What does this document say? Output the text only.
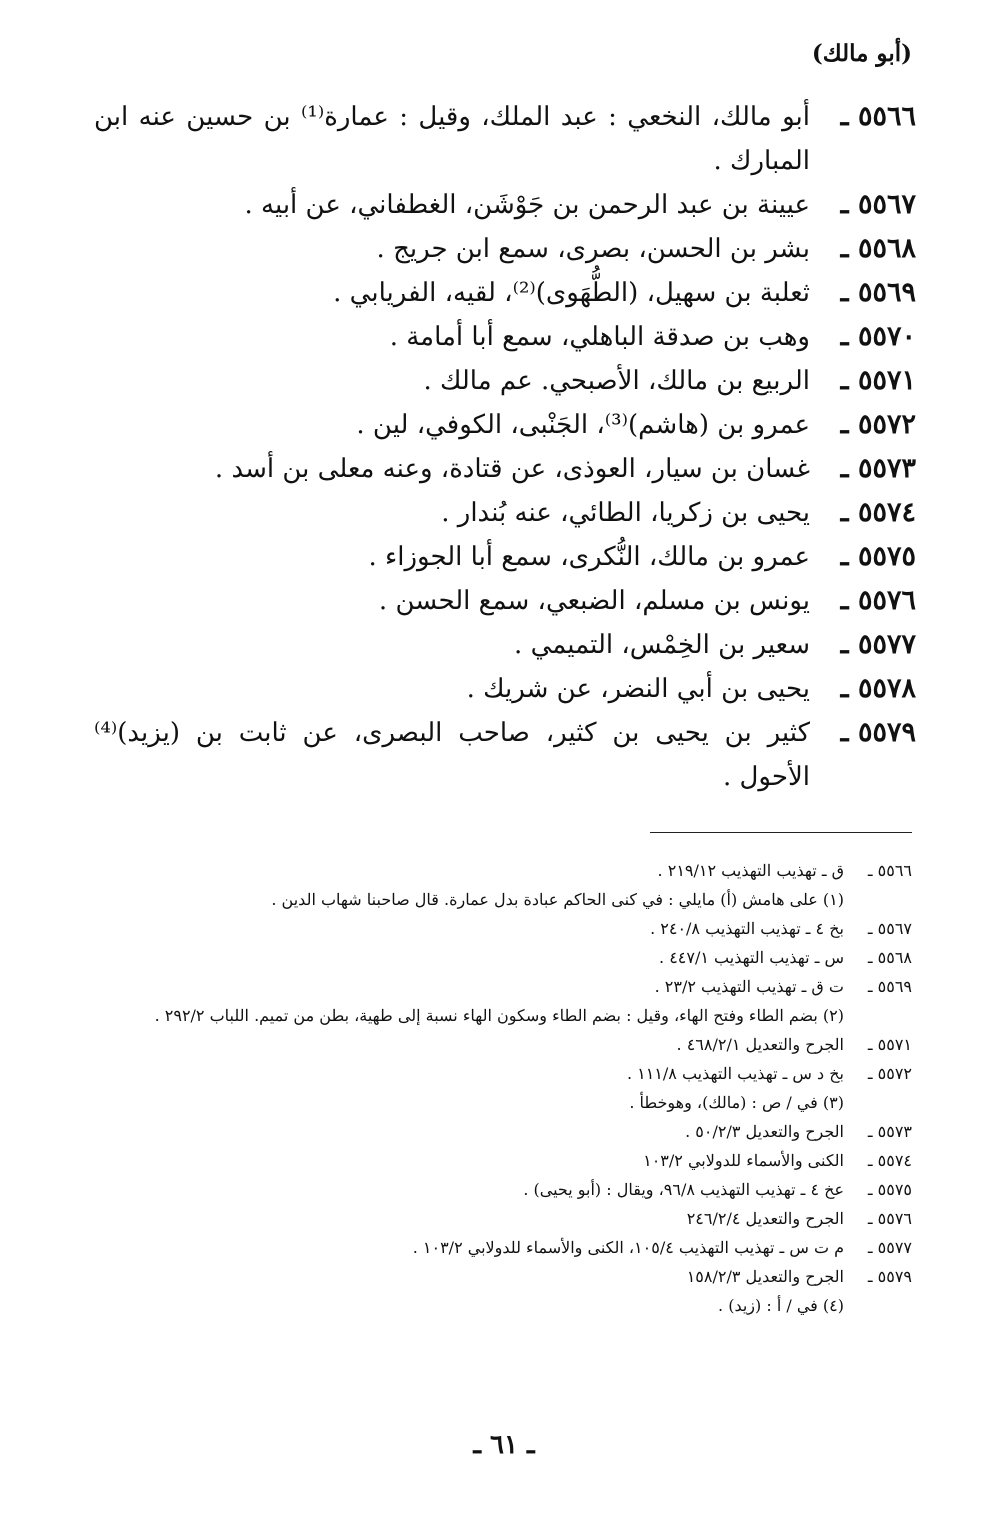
(أبو مالك)
٥٥٦٦ ـ
أبو مالك، النخعي : عبد الملك، وقيل : عمارة⁽¹⁾ بن حسين عنه ابن المبارك .
٥٥٦٧ ـ
عيينة بن عبد الرحمن بن جَوْشَن، الغطفاني، عن أبيه .
٥٥٦٨ ـ
بشر بن الحسن، بصرى، سمع ابن جريج .
٥٥٦٩ ـ
ثعلبة بن سهيل، (الطُّهَوى)⁽²⁾، لقيه، الفريابي .
٥٥٧٠ ـ
وهب بن صدقة الباهلي، سمع أبا أمامة .
٥٥٧١ ـ
الربيع بن مالك، الأصبحي. عم مالك .
٥٥٧٢ ـ
عمرو بن (هاشم)⁽³⁾، الجَنْبى، الكوفي، لين .
٥٥٧٣ ـ
غسان بن سيار، العوذى، عن قتادة، وعنه معلى بن أسد .
٥٥٧٤ ـ
يحيى بن زكريا، الطائي، عنه بُندار .
٥٥٧٥ ـ
عمرو بن مالك، النُّكرى، سمع أبا الجوزاء .
٥٥٧٦ ـ
يونس بن مسلم، الضبعي، سمع الحسن .
٥٥٧٧ ـ
سعير بن الخِمْس، التميمي .
٥٥٧٨ ـ
يحيى بن أبي النضر، عن شريك .
٥٥٧٩ ـ
كثير بن يحيى بن كثير، صاحب البصرى، عن ثابت بن (يزيد)⁽⁴⁾ الأحول .
٥٥٦٦ ـ
ق ـ تهذيب التهذيب ٢١٩/١٢ .
(١) على هامش (أ) مايلي : في كنى الحاكم عبادة بدل عمارة. قال صاحبنا شهاب الدين .
٥٥٦٧ ـ
بخ ٤ ـ تهذيب التهذيب ٢٤٠/٨ .
٥٥٦٨ ـ
س ـ تهذيب التهذيب ٤٤٧/١ .
٥٥٦٩ ـ
ت ق ـ تهذيب التهذيب ٢٣/٢ .
(٢) بضم الطاء وفتح الهاء، وقيل : بضم الطاء وسكون الهاء نسبة إلى طهية، بطن من تميم. اللباب ٢٩٢/٢ .
٥٥٧١ ـ
الجرح والتعديل ٤٦٨/٢/١ .
٥٥٧٢ ـ
بخ د س ـ تهذيب التهذيب ١١١/٨ .
(٣) في / ص : (مالك)، وهوخطأ .
٥٥٧٣ ـ
الجرح والتعديل ٥٠/٢/٣ .
٥٥٧٤ ـ
الكنى والأسماء للدولابي ١٠٣/٢
٥٥٧٥ ـ
عخ ٤ ـ تهذيب التهذيب ٩٦/٨، ويقال : (أبو يحيى) .
٥٥٧٦ ـ
الجرح والتعديل ٢٤٦/٢/٤
٥٥٧٧ ـ
م ت س ـ تهذيب التهذيب ١٠٥/٤، الكنى والأسماء للدولابي ١٠٣/٢ .
٥٥٧٩ ـ
الجرح والتعديل ١٥٨/٢/٣
(٤) في / أ : (زيد) .
ـ ٦١ ـ
